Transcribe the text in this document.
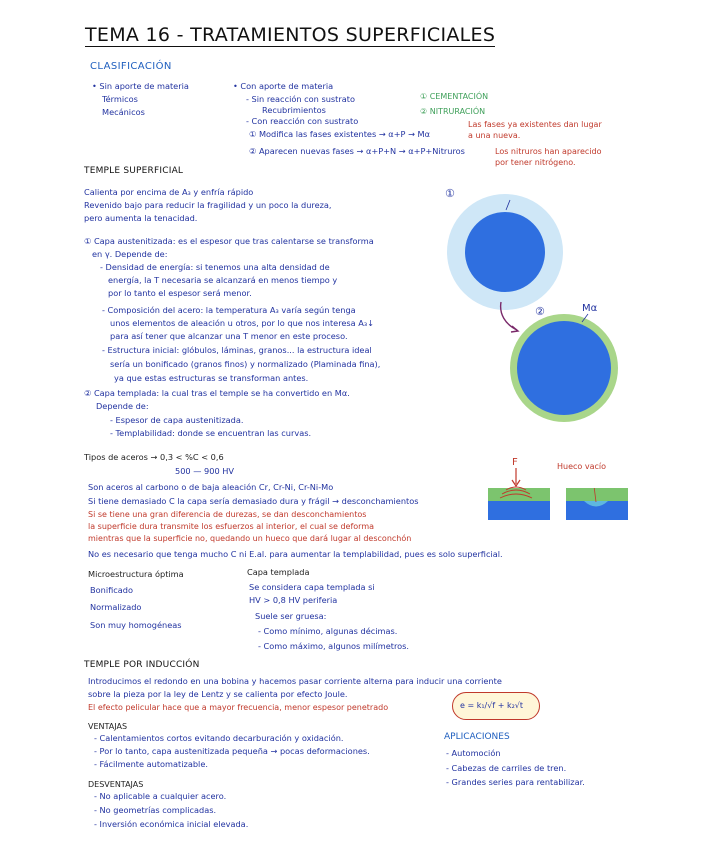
TEMA 16 - TRATAMIENTOS SUPERFICIALES
CLASIFICACIÓN
• Sin aporte de materia
Térmicos
Mecánicos
• Con aporte de materia
- Sin reacción con sustrato
Recubrimientos
- Con reacción con sustrato
① Modifica las fases existentes → α+P → Mα
② Aparecen nuevas fases → α+P+N → α+P+Nitruros
① CEMENTACIÓN
② NITRURACIÓN
Las fases ya existentes dan lugar
a una nueva.
Los nitruros han aparecido
por tener nitrógeno.
TEMPLE SUPERFICIAL
Calienta por encima de A₃ y enfría rápido
Revenido bajo para reducir la fragilidad y un poco la dureza,
pero aumenta la tenacidad.
① Capa austenitizada: es el espesor que tras calentarse se transforma
en γ. Depende de:
- Densidad de energía: si tenemos una alta densidad de
energía, la T necesaria se alcanzará en menos tiempo y
por lo tanto el espesor será menor.
- Composición del acero: la temperatura A₃ varía según tenga
unos elementos de aleación u otros, por lo que nos interesa A₃↓
para así tener que alcanzar una T menor en este proceso.
- Estructura inicial: glóbulos, láminas, granos... la estructura ideal
sería un bonificado (granos finos) y normalizado (Plaminada fina),
ya que estas estructuras se transforman antes.
② Capa templada: la cual tras el temple se ha convertido en Mα.
Depende de:
- Espesor de capa austenitizada.
- Templabilidad: donde se encuentran las curvas.
①
②	Mα
Tipos de aceros → 0,3 < %C < 0,6
500 — 900 HV
Son aceros al carbono o de baja aleación Cr, Cr-Ni, Cr-Ni-Mo
Si tiene demasiado C la capa sería demasiado dura y frágil → desconchamientos
Si se tiene una gran diferencia de durezas, se dan desconchamientos
la superficie dura transmite los esfuerzos al interior, el cual se deforma
mientras que la superficie no, quedando un hueco que dará lugar al desconchón
No es necesario que tenga mucho C ni E.al. para aumentar la templabilidad, pues es solo superficial.
F	Hueco vacío
Microestructura óptima
Bonificado
Normalizado
Son muy homogéneas
Capa templada
Se considera capa templada si
HV > 0,8 HV periferia
Suele ser gruesa:
- Como mínimo, algunas décimas.
- Como máximo, algunos milímetros.
TEMPLE POR INDUCCIÓN
Introducimos el redondo en una bobina y hacemos pasar corriente alterna para inducir una corriente
sobre la pieza por la ley de Lentz y se calienta por efecto Joule.
El efecto pelicular hace que a mayor frecuencia, menor espesor penetrado	e = k₁/√f + k₂√t
VENTAJAS
- Calentamientos cortos evitando decarburación y oxidación.
- Por lo tanto, capa austenitizada pequeña → pocas deformaciones.
- Fácilmente automatizable.
DESVENTAJAS
- No aplicable a cualquier acero.
- No geometrías complicadas.
- Inversión económica inicial elevada.
APLICACIONES
- Automoción
- Cabezas de carriles de tren.
- Grandes series para rentabilizar.
